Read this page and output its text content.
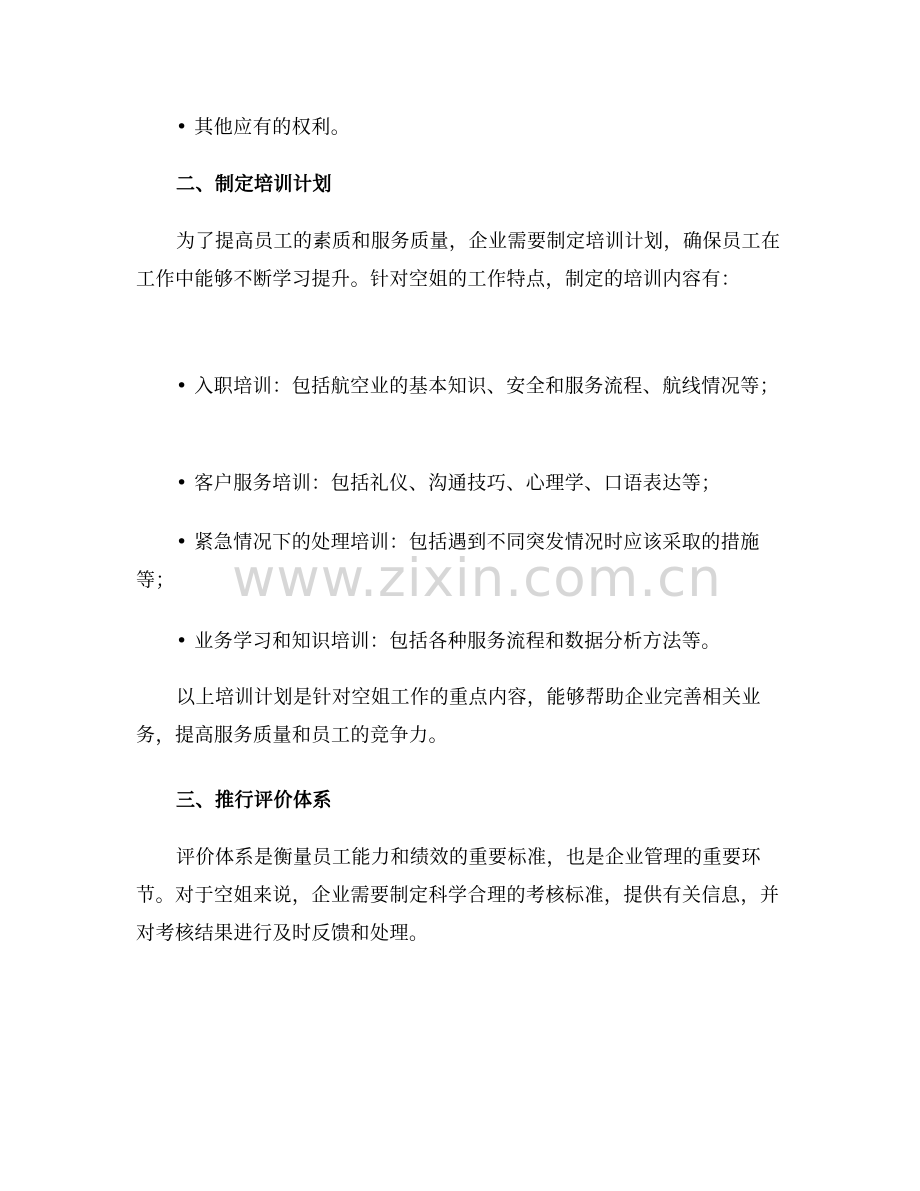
• 其他应有的权利。

二、制定培训计划

为了提高员工的素质和服务质量，企业需要制定培训计划，确保员工在工作中能够不断学习提升。针对空姐的工作特点，制定的培训内容有：

• 入职培训：包括航空业的基本知识、安全和服务流程、航线情况等；

• 客户服务培训：包括礼仪、沟通技巧、心理学、口语表达等；

• 紧急情况下的处理培训：包括遇到不同突发情况时应该采取的措施等；

• 业务学习和知识培训：包括各种服务流程和数据分析方法等。

以上培训计划是针对空姐工作的重点内容，能够帮助企业完善相关业务，提高服务质量和员工的竞争力。

三、推行评价体系

评价体系是衡量员工能力和绩效的重要标准，也是企业管理的重要环节。对于空姐来说，企业需要制定科学合理的考核标准，提供有关信息，并对考核结果进行及时反馈和处理。

www.zixin.com.cn
